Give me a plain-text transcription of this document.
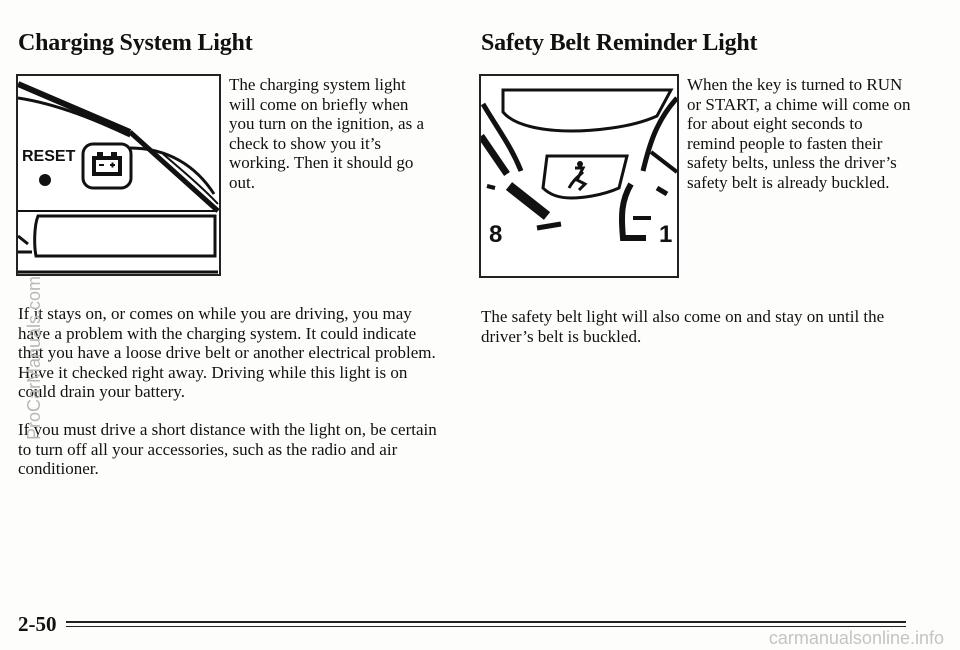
Charging System Light
RESET

The charging system light will come on briefly when you turn on the ignition, as a check to show you it’s working. Then it should go out.

If it stays on, or comes on while you are driving, you may have a problem with the charging system. It could indicate that you have a loose drive belt or another electrical problem. Have it checked right away. Driving while this light is on could drain your battery.

If you must drive a short distance with the light on, be certain to turn off all your accessories, such as the radio and air conditioner.

Safety Belt Reminder Light
8	1

When the key is turned to RUN or START, a chime will come on for about eight seconds to remind people to fasten their safety belts, unless the driver’s safety belt is already buckled.

The safety belt light will also come on and stay on until the driver’s belt is buckled.

2-50
ProCarManuals.com
carmanualsonline.info
